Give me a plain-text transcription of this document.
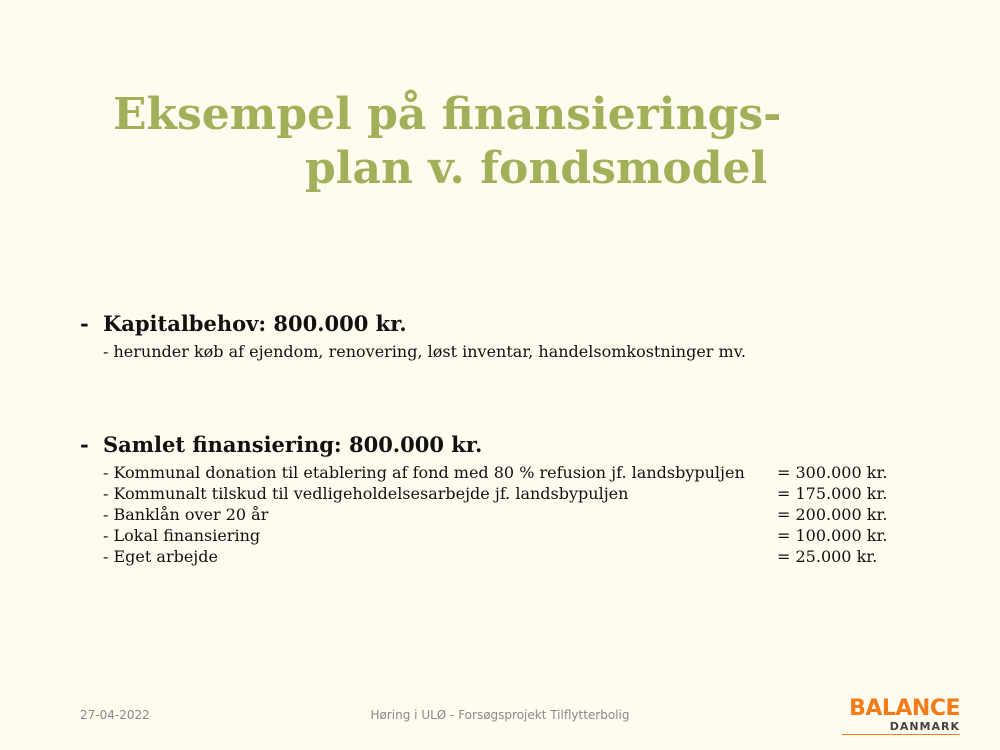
Eksempel på finansierings-
plan v. fondsmodel
- Kapitalbehov: 800.000 kr.
- herunder køb af ejendom, renovering, løst inventar, handelsomkostninger mv.
- Samlet finansiering: 800.000 kr.
- Kommunal donation til etablering af fond med 80 % refusion jf. landsbypuljen = 300.000 kr.
- Kommunalt tilskud til vedligeholdelsesarbejde jf. landsbypuljen	= 175.000 kr.
- Banklån over 20 år	= 200.000 kr.
- Lokal finansiering	= 100.000 kr.
- Eget arbejde	= 25.000 kr.
27-04-2022	Høring i ULØ - Forsøgsprojekt Tilflytterbolig	BALANCE
DANMARK
